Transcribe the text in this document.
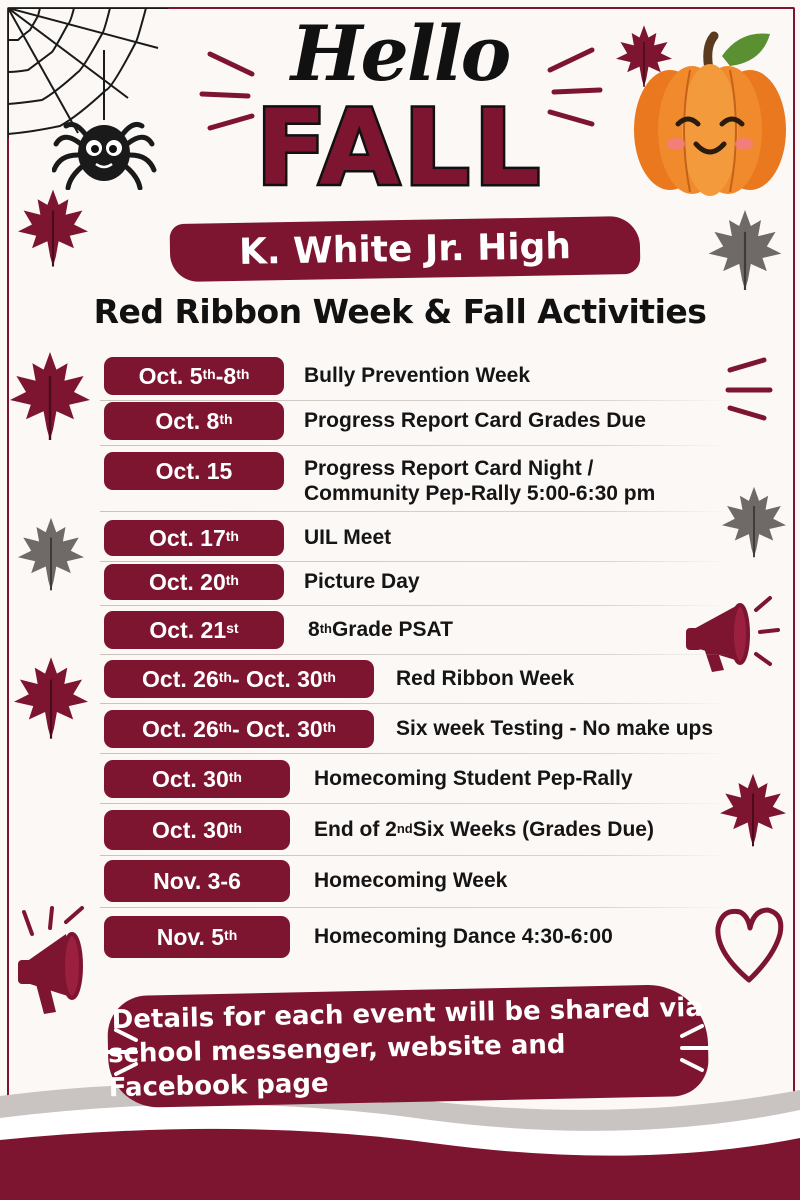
Hello
FALL
K. White Jr. High
Red Ribbon Week & Fall Activities
Oct. 5th -8th	Bully Prevention Week
Oct. 8th	Progress Report Card Grades Due
Oct. 15	Progress Report Card Night /
Community Pep-Rally 5:00-6:30 pm
Oct. 17th	UIL Meet
Oct. 20th	Picture Day
Oct. 21st	8th Grade PSAT
Oct. 26th - Oct. 30th	Red Ribbon Week
Oct. 26th - Oct. 30th	Six week Testing - No make ups
Oct. 30th	Homecoming Student Pep-Rally
Oct. 30th	End of 2nd Six Weeks (Grades Due)
Nov. 3-6	Homecoming Week
Nov. 5th	Homecoming Dance 4:30-6:00
Details for each event will be shared via
school messenger, website and Facebook page
